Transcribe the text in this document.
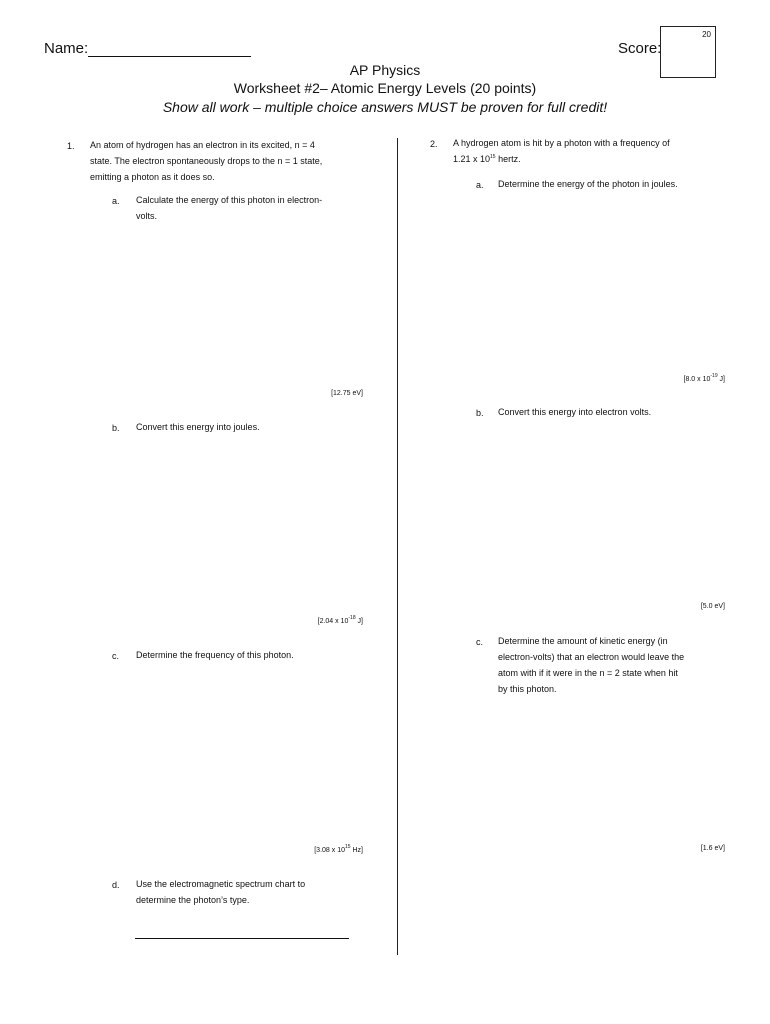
Name:	Score:
20
AP Physics
Worksheet #2– Atomic Energy Levels (20 points)
Show all work – multiple choice answers MUST be proven for full credit!
1. An atom of hydrogen has an electron in its excited, n = 4
state. The electron spontaneously drops to the n = 1 state,
emitting a photon as it does so.
a. Calculate the energy of this photon in electron-
volts.
[12.75 eV]
b. Convert this energy into joules.
[2.04 x $10^{-18}$ J]
c. Determine the frequency of this photon.
[3.08 x $10^{15}$ Hz]
d. Use the electromagnetic spectrum chart to
determine the photon’s type.
2. A hydrogen atom is hit by a photon with a frequency of
1.21 x $10^{15}$ hertz.
a. Determine the energy of the photon in joules.
[8.0 x $10^{-19}$ J]
b. Convert this energy into electron volts.
[5.0 eV]
c. Determine the amount of kinetic energy (in
electron-volts) that an electron would leave the
atom with if it were in the n = 2 state when hit
by this photon.
[1.6 eV]
